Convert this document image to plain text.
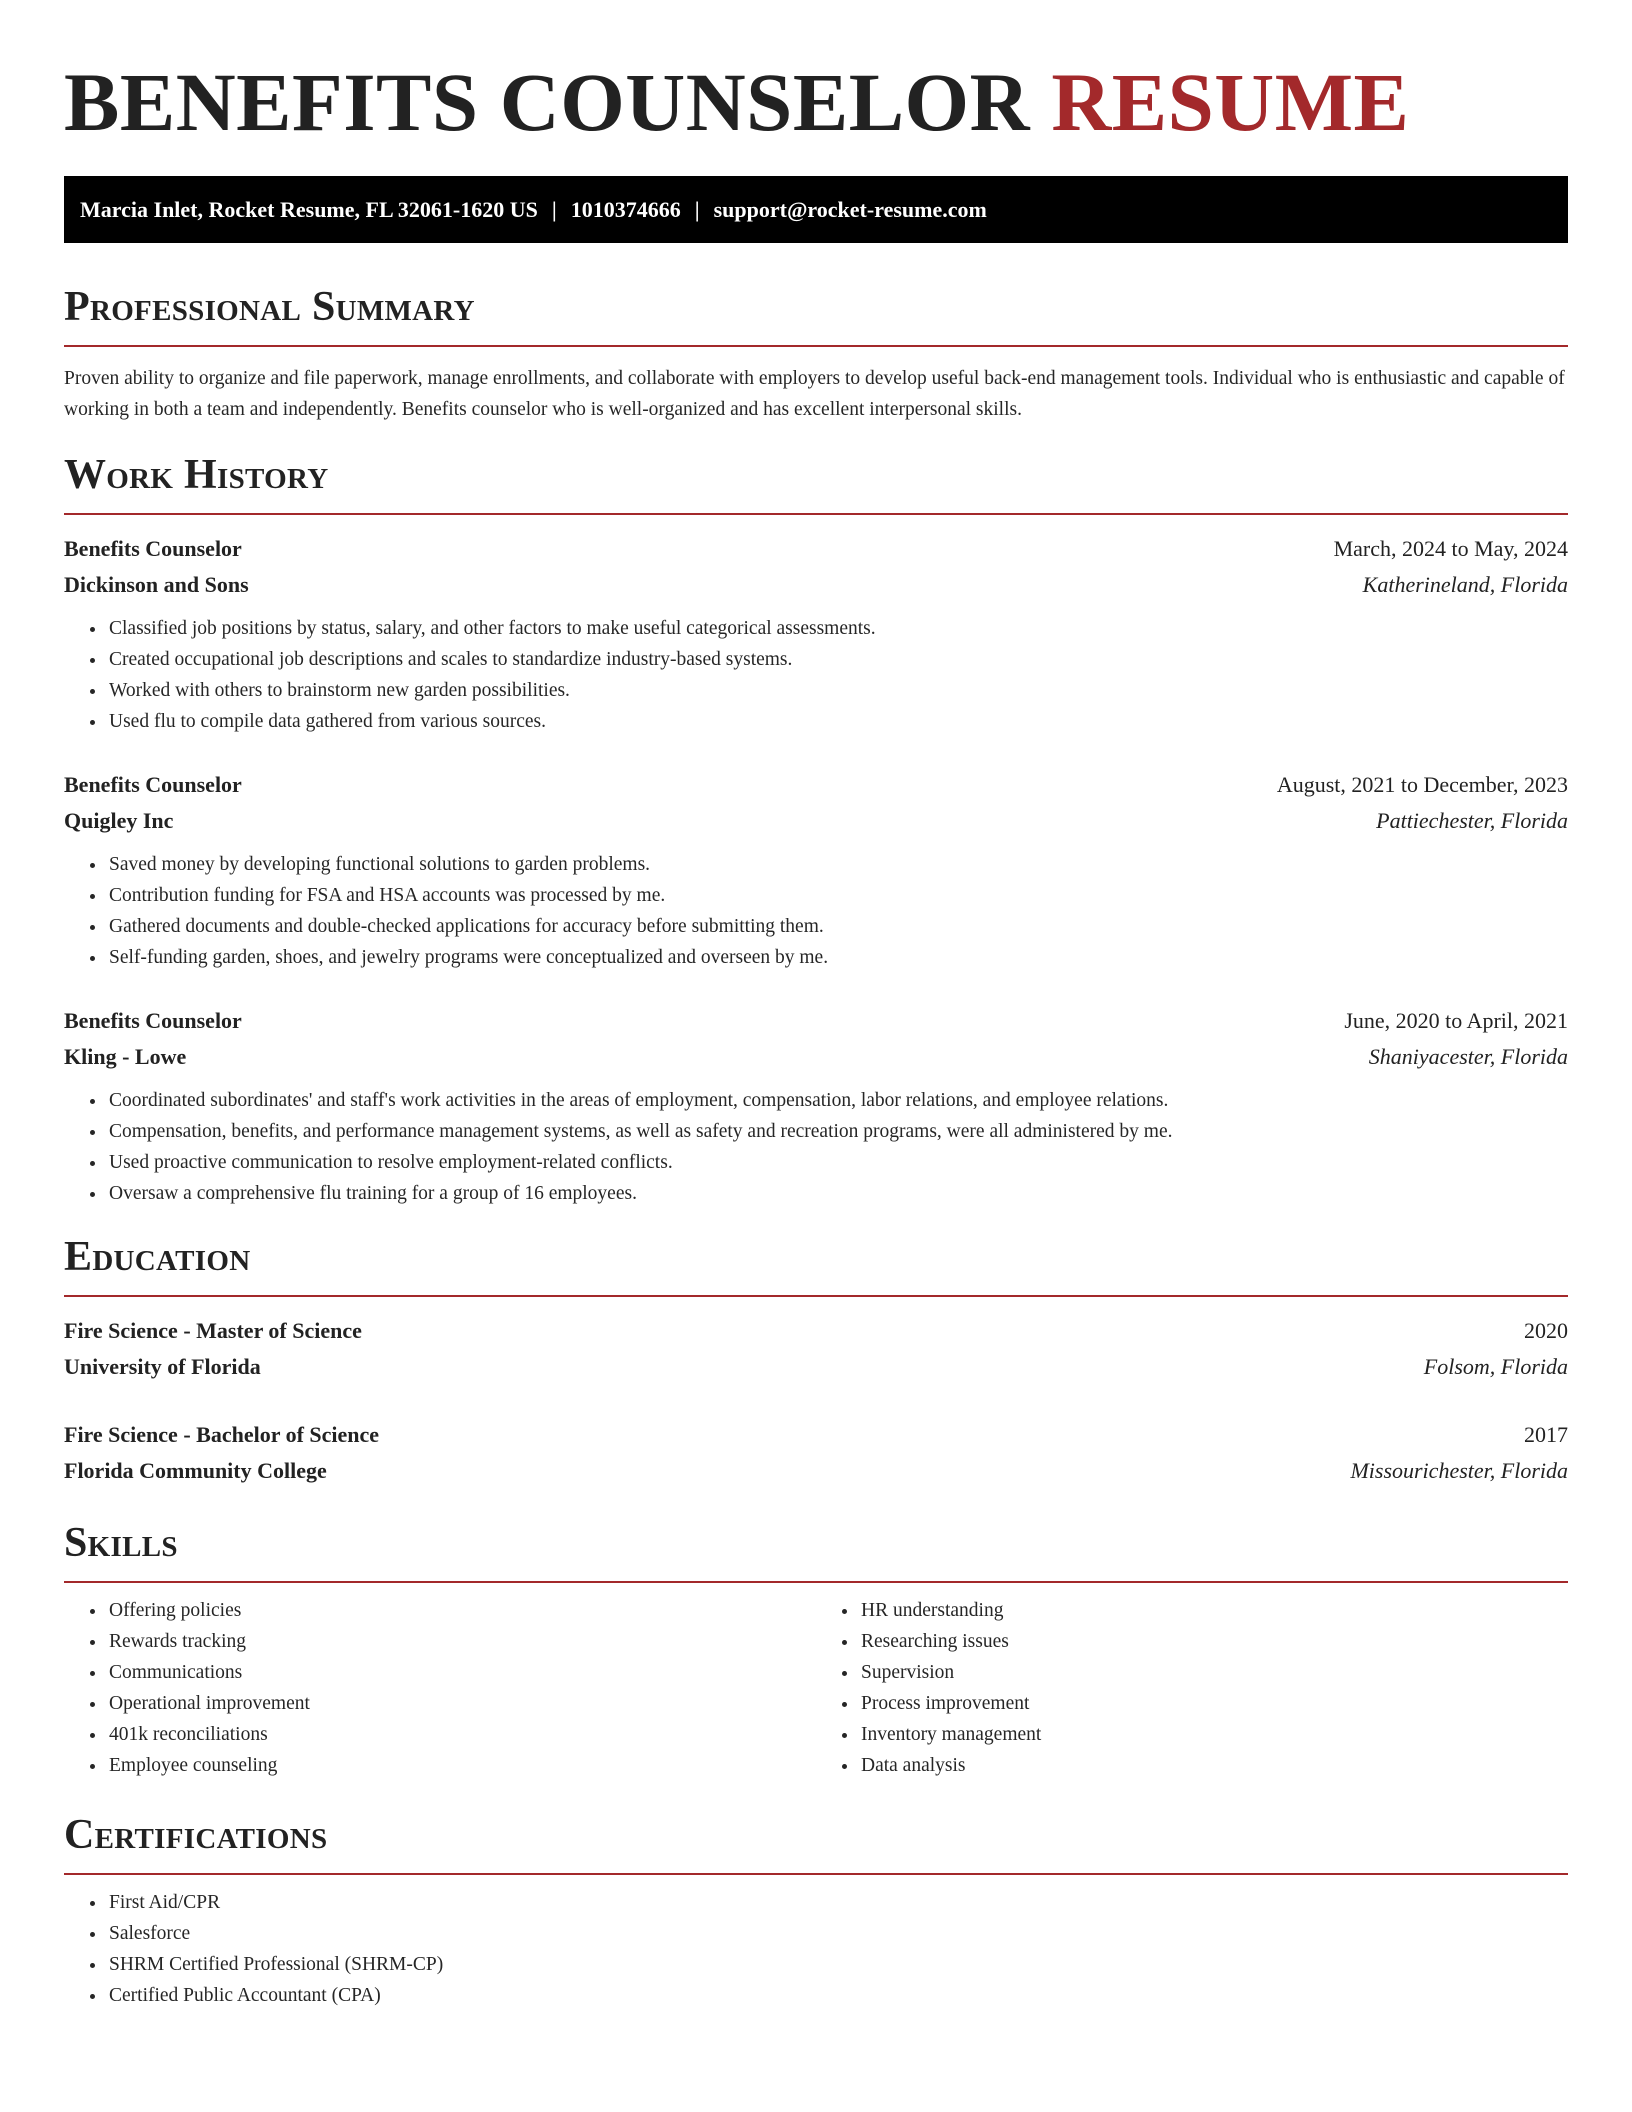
BENEFITS COUNSELOR RESUME
Marcia Inlet, Rocket Resume, FL 32061-1620 US | 1010374666 | support@rocket-resume.com
Professional Summary

Proven ability to organize and file paperwork, manage enrollments, and collaborate with employers to develop useful back-end management tools. Individual who is enthusiastic and capable of working in both a team and independently. Benefits counselor who is well-organized and has excellent interpersonal skills.

Work History
Benefits Counselor	March, 2024 to May, 2024
Dickinson and Sons	Katherineland, Florida
• Classified job positions by status, salary, and other factors to make useful categorical assessments.
• Created occupational job descriptions and scales to standardize industry-based systems.
• Worked with others to brainstorm new garden possibilities.
• Used flu to compile data gathered from various sources.
Benefits Counselor	August, 2021 to December, 2023
Quigley Inc	Pattiechester, Florida
• Saved money by developing functional solutions to garden problems.
• Contribution funding for FSA and HSA accounts was processed by me.
• Gathered documents and double-checked applications for accuracy before submitting them.
• Self-funding garden, shoes, and jewelry programs were conceptualized and overseen by me.
Benefits Counselor	June, 2020 to April, 2021
Kling - Lowe	Shaniyacester, Florida
• Coordinated subordinates' and staff's work activities in the areas of employment, compensation, labor relations, and employee relations.
• Compensation, benefits, and performance management systems, as well as safety and recreation programs, were all administered by me.
• Used proactive communication to resolve employment-related conflicts.
• Oversaw a comprehensive flu training for a group of 16 employees.
Education
Fire Science - Master of Science	2020
University of Florida	Folsom, Florida
Fire Science - Bachelor of Science	2017
Florida Community College	Missourichester, Florida
Skills
• Offering policies
• Rewards tracking
• Communications
• Operational improvement
• 401k reconciliations
• Employee counseling
• HR understanding
• Researching issues
• Supervision
• Process improvement
• Inventory management
• Data analysis
Certifications
• First Aid/CPR
• Salesforce
• SHRM Certified Professional (SHRM-CP)
• Certified Public Accountant (CPA)
